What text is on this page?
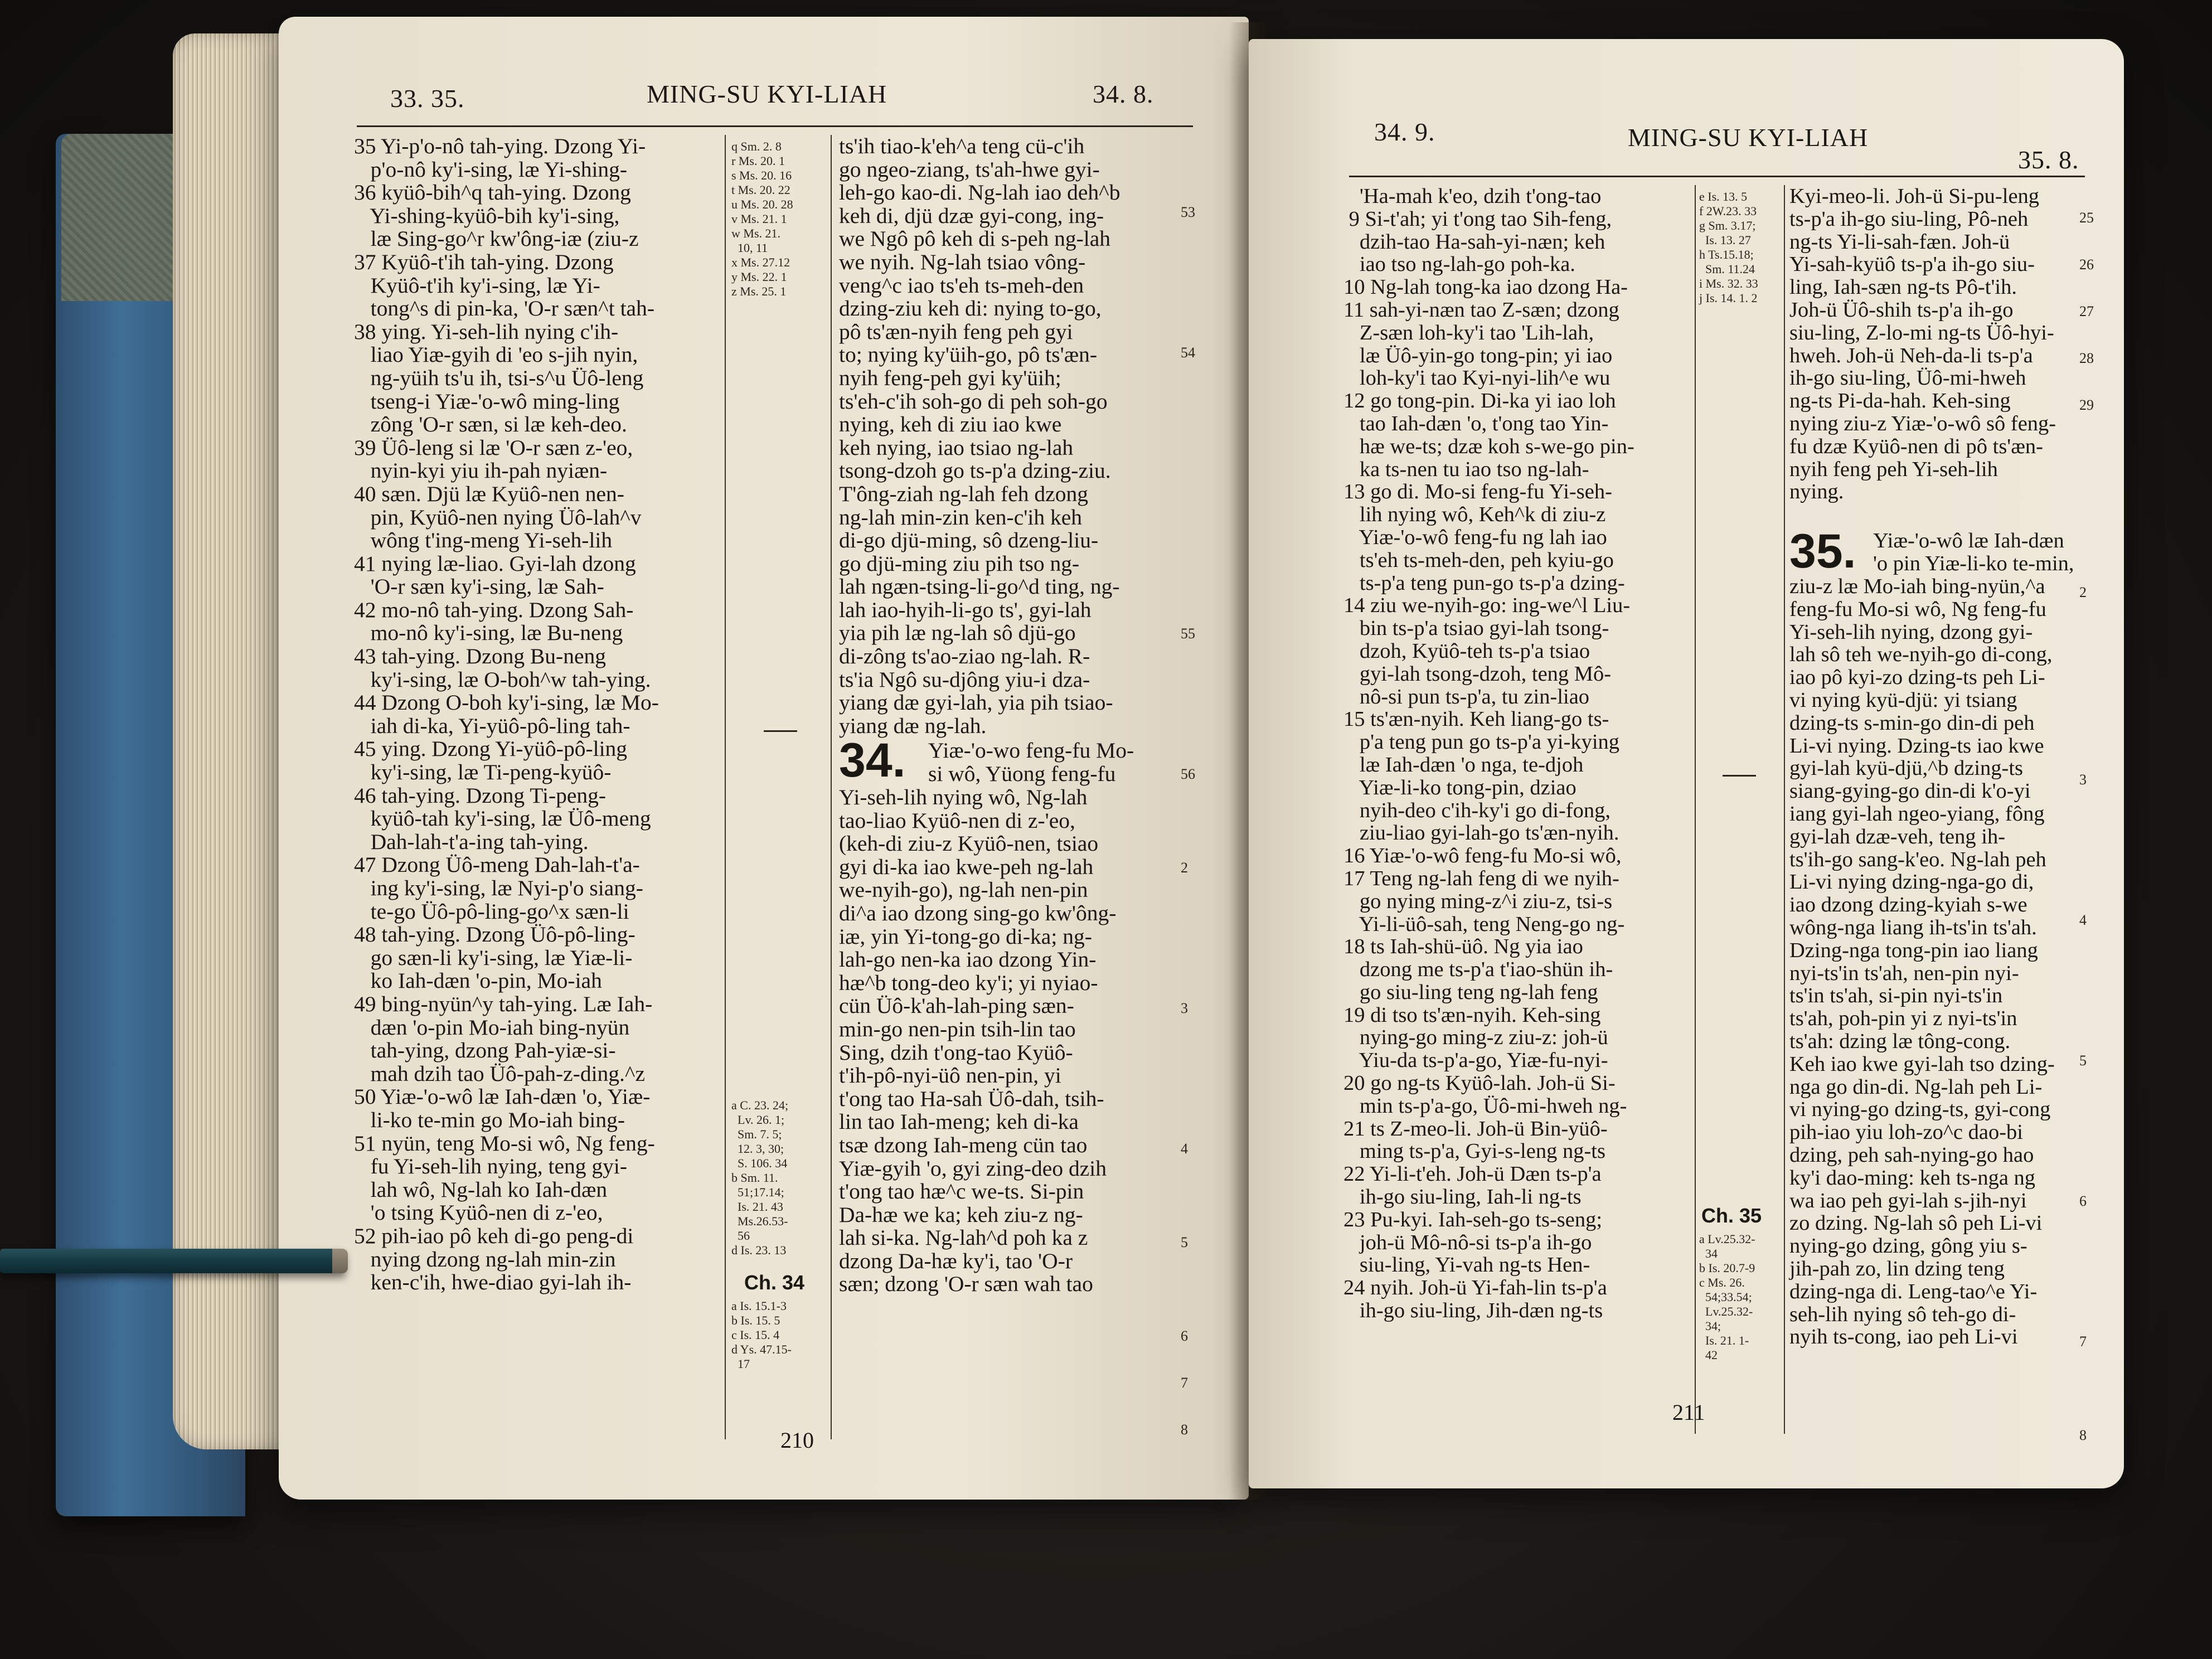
33. 35.	MING-SU KYI-LIAH	34. 8.
35 Yi-p'o-nô tah-ying. Dzong Yi-
p'o-nô ky'i-sing, læ Yi-shing-
36 kyüô-bih^q tah-ying. Dzong
Yi-shing-kyüô-bih ky'i-sing,
læ Sing-go^r kw'ông-iæ (ziu-z
37 Kyüô-t'ih tah-ying. Dzong
Kyüô-t'ih ky'i-sing, læ Yi-
tong^s di pin-ka, 'O-r sæn^t tah-
38 ying. Yi-seh-lih nying c'ih-
liao Yiæ-gyih di 'eo s-jih nyin,
ng-yüih ts'u ih, tsi-s^u Üô-leng
tseng-i Yiæ-'o-wô ming-ling
zông 'O-r sæn, si læ keh-deo.
39 Üô-leng si læ 'O-r sæn z-'eo,
nyin-kyi yiu ih-pah nyiæn-
40 sæn. Djü læ Kyüô-nen nen-
pin, Kyüô-nen nying Üô-lah^v
wông t'ing-meng Yi-seh-lih
41 nying læ-liao. Gyi-lah dzong
'O-r sæn ky'i-sing, læ Sah-
42 mo-nô tah-ying. Dzong Sah-
mo-nô ky'i-sing, læ Bu-neng
43 tah-ying. Dzong Bu-neng
ky'i-sing, læ O-boh^w tah-ying.
44 Dzong O-boh ky'i-sing, læ Mo-
iah di-ka, Yi-yüô-pô-ling tah-
45 ying. Dzong Yi-yüô-pô-ling
ky'i-sing, læ Ti-peng-kyüô-
46 tah-ying. Dzong Ti-peng-
kyüô-tah ky'i-sing, læ Üô-meng
Dah-lah-t'a-ing tah-ying.
47 Dzong Üô-meng Dah-lah-t'a-
ing ky'i-sing, læ Nyi-p'o siang-
te-go Üô-pô-ling-go^x sæn-li
48 tah-ying. Dzong Üô-pô-ling-
go sæn-li ky'i-sing, læ Yiæ-li-
ko Iah-dæn 'o-pin, Mo-iah
49 bing-nyün^y tah-ying. Læ Iah-
dæn 'o-pin Mo-iah bing-nyün
tah-ying, dzong Pah-yiæ-si-
mah dzih tao Üô-pah-z-ding.^z
50 Yiæ-'o-wô læ Iah-dæn 'o, Yiæ-
li-ko te-min go Mo-iah bing-
51 nyün, teng Mo-si wô, Ng feng-
fu Yi-seh-lih nying, teng gyi-
lah wô, Ng-lah ko Iah-dæn
'o tsing Kyüô-nen di z-'eo,
52 pih-iao pô keh di-go peng-di
nying dzong ng-lah min-zin
ken-c'ih, hwe-diao gyi-lah ih-
q Sm. 2. 8
r Ms. 20. 1
s Ms. 20. 16
t Ms. 20. 22
u Ms. 20. 28
v Ms. 21. 1
w Ms. 21.
10, 11
x Ms. 27.12
y Ms. 22. 1
z Ms. 25. 1
a C. 23. 24;
Lv. 26. 1;
Sm. 7. 5;
12. 3, 30;
S. 106. 34
b Sm. 11.
51;17.14;
Is. 21. 43
Ms.26.53-
56
d Is. 23. 13
Ch. 34
a Is. 15.1-3
b Is. 15. 5
c Is. 15. 4
d Ys. 47.15-
17
ts'ih tiao-k'eh^a teng cü-c'ih
go ngeo-ziang, ts'ah-hwe gyi-
leh-go kao-di. Ng-lah iao deh^b
keh di, djü dzæ gyi-cong, ing-
we Ngô pô keh di s-peh ng-lah
we nyih. Ng-lah tsiao vông-
veng^c iao ts'eh ts-meh-den
dzing-ziu keh di: nying to-go,
pô ts'æn-nyih feng peh gyi
to; nying ky'üih-go, pô ts'æn-
nyih feng-peh gyi ky'üih;
ts'eh-c'ih soh-go di peh soh-go
nying, keh di ziu iao kwe
keh nying, iao tsiao ng-lah
tsong-dzoh go ts-p'a dzing-ziu.
T'ông-ziah ng-lah feh dzong
ng-lah min-zin ken-c'ih keh
di-go djü-ming, sô dzeng-liu-
go djü-ming ziu pih tso ng-
lah ngæn-tsing-li-go^d ting, ng-
lah iao-hyih-li-go ts', gyi-lah
yia pih læ ng-lah sô djü-go
di-zông ts'ao-ziao ng-lah. R-
ts'ia Ngô su-djông yiu-i dza-
yiang dæ gyi-lah, yia pih tsiao-
yiang dæ ng-lah.
34. Yiæ-'o-wo feng-fu Mo-
si wô, Yüong feng-fu
Yi-seh-lih nying wô, Ng-lah
tao-liao Kyüô-nen di z-'eo,
(keh-di ziu-z Kyüô-nen, tsiao
gyi di-ka iao kwe-peh ng-lah
we-nyih-go), ng-lah nen-pin
di^a iao dzong sing-go kw'ông-
iæ, yin Yi-tong-go di-ka; ng-
lah-go nen-ka iao dzong Yin-
hæ^b tong-deo ky'i; yi nyiao-
cün Üô-k'ah-lah-ping sæn-
min-go nen-pin tsih-lin tao
Sing, dzih t'ong-tao Kyüô-
t'ih-pô-nyi-üô nen-pin, yi
t'ong tao Ha-sah Üô-dah, tsih-
lin tao Iah-meng; keh di-ka
tsæ dzong Iah-meng cün tao
Yiæ-gyih 'o, gyi zing-deo dzih
t'ong tao hæ^c we-ts. Si-pin
Da-hæ we ka; keh ziu-z ng-
lah si-ka. Ng-lah^d poh ka z
dzong Da-hæ ky'i, tao 'O-r
sæn; dzong 'O-r sæn wah tao
53

54

55

56

2

3

4

5

6

7

8
210
34. 9.	MING-SU KYI-LIAH
35. 8.
'Ha-mah k'eo, dzih t'ong-tao
9 Si-t'ah; yi t'ong tao Sih-feng,
dzih-tao Ha-sah-yi-næn; keh
iao tso ng-lah-go poh-ka.
10 Ng-lah tong-ka iao dzong Ha-
11 sah-yi-næn tao Z-sæn; dzong
Z-sæn loh-ky'i tao 'Lih-lah,
læ Üô-yin-go tong-pin; yi iao
loh-ky'i tao Kyi-nyi-lih^e wu
12 go tong-pin. Di-ka yi iao loh
tao Iah-dæn 'o, t'ong tao Yin-
hæ we-ts; dzæ koh s-we-go pin-
ka ts-nen tu iao tso ng-lah-
13 go di. Mo-si feng-fu Yi-seh-
lih nying wô, Keh^k di ziu-z
Yiæ-'o-wô feng-fu ng lah iao
ts'eh ts-meh-den, peh kyiu-go
ts-p'a teng pun-go ts-p'a dzing-
14 ziu we-nyih-go: ing-we^l Liu-
bin ts-p'a tsiao gyi-lah tsong-
dzoh, Kyüô-teh ts-p'a tsiao
gyi-lah tsong-dzoh, teng Mô-
nô-si pun ts-p'a, tu zin-liao
15 ts'æn-nyih. Keh liang-go ts-
p'a teng pun go ts-p'a yi-kying
læ Iah-dæn 'o nga, te-djoh
Yiæ-li-ko tong-pin, dziao
nyih-deo c'ih-ky'i go di-fong,
ziu-liao gyi-lah-go ts'æn-nyih.
16 Yiæ-'o-wô feng-fu Mo-si wô,
17 Teng ng-lah feng di we nyih-
go nying ming-z^i ziu-z, tsi-s
Yi-li-üô-sah, teng Neng-go ng-
18 ts Iah-shü-üô. Ng yia iao
dzong me ts-p'a t'iao-shün ih-
go siu-ling teng ng-lah feng
19 di tso ts'æn-nyih. Keh-sing
nying-go ming-z ziu-z: joh-ü
Yiu-da ts-p'a-go, Yiæ-fu-nyi-
20 go ng-ts Kyüô-lah. Joh-ü Si-
min ts-p'a-go, Üô-mi-hweh ng-
21 ts Z-meo-li. Joh-ü Bin-yüô-
ming ts-p'a, Gyi-s-leng ng-ts
22 Yi-li-t'eh. Joh-ü Dæn ts-p'a
ih-go siu-ling, Iah-li ng-ts
23 Pu-kyi. Iah-seh-go ts-seng;
joh-ü Mô-nô-si ts-p'a ih-go
siu-ling, Yi-vah ng-ts Hen-
24 nyih. Joh-ü Yi-fah-lin ts-p'a
ih-go siu-ling, Jih-dæn ng-ts
e Is. 13. 5
f 2W.23. 33
g Sm. 3.17;
Is. 13. 27
h Ts.15.18;
Sm. 11.24
i Ms. 32. 33
j Is. 14. 1. 2
Ch. 35
a Lv.25.32-
34
b Is. 20.7-9
c Ms. 26.
54;33.54;
Lv.25.32-
34;
Is. 21. 1-
42
Kyi-meo-li. Joh-ü Si-pu-leng
ts-p'a ih-go siu-ling, Pô-neh
ng-ts Yi-li-sah-fæn. Joh-ü
Yi-sah-kyüô ts-p'a ih-go siu-
ling, Iah-sæn ng-ts Pô-t'ih.
Joh-ü Üô-shih ts-p'a ih-go
siu-ling, Z-lo-mi ng-ts Üô-hyi-
hweh. Joh-ü Neh-da-li ts-p'a
ih-go siu-ling, Üô-mi-hweh
ng-ts Pi-da-hah. Keh-sing
nying ziu-z Yiæ-'o-wô sô feng-
fu dzæ Kyüô-nen di pô ts'æn-
nyih feng peh Yi-seh-lih
nying.
35. Yiæ-'o-wô læ Iah-dæn
'o pin Yiæ-li-ko te-min,
ziu-z læ Mo-iah bing-nyün,^a
feng-fu Mo-si wô, Ng feng-fu
Yi-seh-lih nying, dzong gyi-
lah sô teh we-nyih-go di-cong,
iao pô kyi-zo dzing-ts peh Li-
vi nying kyü-djü: yi tsiang
dzing-ts s-min-go din-di peh
Li-vi nying. Dzing-ts iao kwe
gyi-lah kyü-djü,^b dzing-ts
siang-gying-go din-di k'o-yi
iang gyi-lah ngeo-yiang, fông
gyi-lah dzæ-veh, teng ih-
ts'ih-go sang-k'eo. Ng-lah peh
Li-vi nying dzing-nga-go di,
iao dzong dzing-kyiah s-we
wông-nga liang ih-ts'in ts'ah.
Dzing-nga tong-pin iao liang
nyi-ts'in ts'ah, nen-pin nyi-
ts'in ts'ah, si-pin nyi-ts'in
ts'ah, poh-pin yi z nyi-ts'in
ts'ah: dzing læ tông-cong.
Keh iao kwe gyi-lah tso dzing-
nga go din-di. Ng-lah peh Li-
vi nying-go dzing-ts, gyi-cong
pih-iao yiu loh-zo^c dao-bi
dzing, peh sah-nying-go hao
ky'i dao-ming: keh ts-nga ng
wa iao peh gyi-lah s-jih-nyi
zo dzing. Ng-lah sô peh Li-vi
nying-go dzing, gông yiu s-
jih-pah zo, lin dzing teng
dzing-nga di. Leng-tao^e Yi-
seh-lih nying sô teh-go di-
nyih ts-cong, iao peh Li-vi
25

26

27

28

29

2

3

4

5

6

7

8
211
